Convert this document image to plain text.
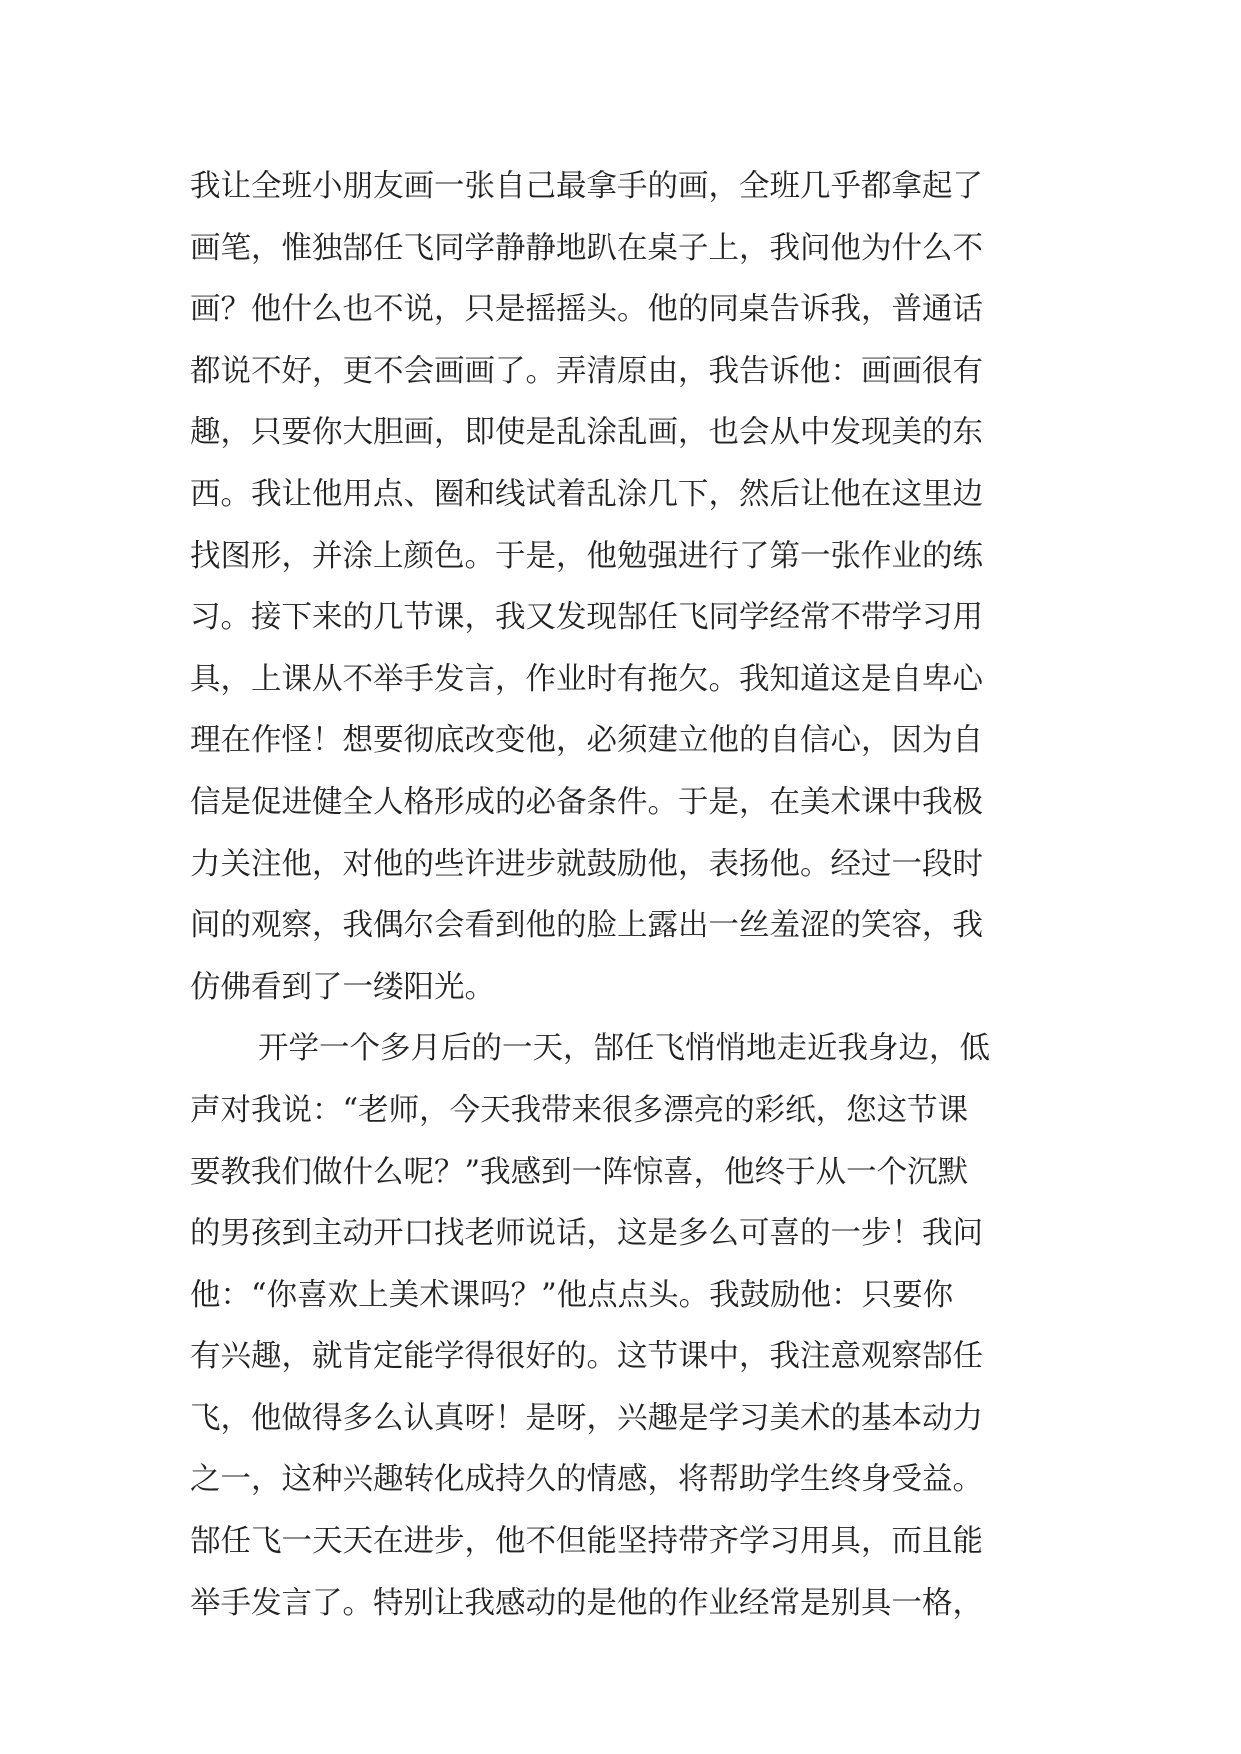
我让全班小朋友画一张自己最拿手的画，全班几乎都拿起了
画笔，惟独郜任飞同学静静地趴在桌子上，我问他为什么不
画？他什么也不说，只是摇摇头。他的同桌告诉我，普通话
都说不好，更不会画画了。弄清原由，我告诉他：画画很有
趣，只要你大胆画，即使是乱涂乱画，也会从中发现美的东
西。我让他用点、圈和线试着乱涂几下，然后让他在这里边
找图形，并涂上颜色。于是，他勉强进行了第一张作业的练
习。接下来的几节课，我又发现郜任飞同学经常不带学习用
具，上课从不举手发言，作业时有拖欠。我知道这是自卑心
理在作怪！想要彻底改变他，必须建立他的自信心，因为自
信是促进健全人格形成的必备条件。于是，在美术课中我极
力关注他，对他的些许进步就鼓励他，表扬他。经过一段时
间的观察，我偶尔会看到他的脸上露出一丝羞涩的笑容，我
仿佛看到了一缕阳光。
开学一个多月后的一天，郜任飞悄悄地走近我身边，低
声对我说：“老师，今天我带来很多漂亮的彩纸，您这节课
要教我们做什么呢？”我感到一阵惊喜，他终于从一个沉默
的男孩到主动开口找老师说话，这是多么可喜的一步！我问
他：“你喜欢上美术课吗？”他点点头。我鼓励他：只要你
有兴趣，就肯定能学得很好的。这节课中，我注意观察郜任
飞，他做得多么认真呀！是呀，兴趣是学习美术的基本动力
之一，这种兴趣转化成持久的情感，将帮助学生终身受益。
郜任飞一天天在进步，他不但能坚持带齐学习用具，而且能
举手发言了。特别让我感动的是他的作业经常是别具一格，
